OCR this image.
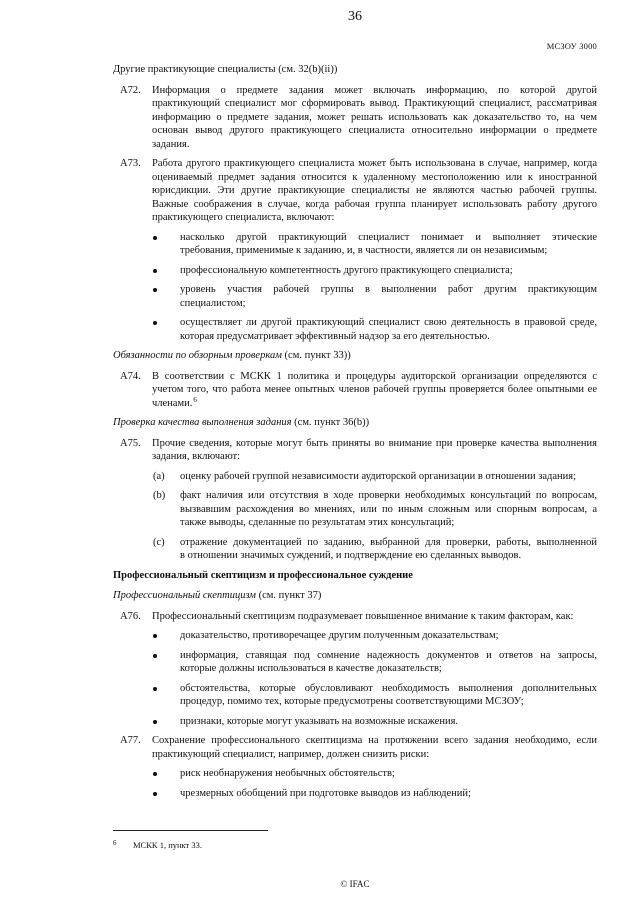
36
МСЗОУ 3000
Другие практикующие специалисты (см. 32(b)(ii))
A72. Информация о предмете задания может включать информацию, по которой другой
практикующий специалист мог сформировать вывод. Практикующий специалист, рассматривая
информацию о предмете задания, может решать использовать как доказательство то, на чем
основан вывод другого практикующего специалиста относительно информации о предмете
задания.
A73. Работа другого практикующего специалиста может быть использована в случае, например, когда
оцениваемый предмет задания относится к удаленному местоположению или к иностранной
юрисдикции. Эти другие практикующие специалисты не являются частью рабочей группы.
Важные соображения в случае, когда рабочая группа планирует использовать работу другого
практикующего специалиста, включают:
насколько другой практикующий специалист понимает и выполняет этические
требования, применимые к заданию, и, в частности, является ли он независимым;
профессиональную компетентность другого практикующего специалиста;
уровень участия рабочей группы в выполнении работ другим практикующим
специалистом;
осуществляет ли другой практикующий специалист свою деятельность в правовой среде,
которая предусматривает эффективный надзор за его деятельностью.
Обязанности по обзорным проверкам (см. пункт 33))
A74. В соответствии с МСКК 1 политика и процедуры аудиторской организации определяются с
учетом того, что работа менее опытных членов рабочей группы проверяется более опытными ее
членами.$^6$
Проверка качества выполнения задания (см. пункт 36(b))
A75. Прочие сведения, которые могут быть приняты во внимание при проверке качества выполнения
задания, включают:
(a) оценку рабочей группой независимости аудиторской организации в отношении задания;
(b) факт наличия или отсутствия в ходе проверки необходимых консультаций по вопросам,
вызвавшим расхождения во мнениях, или по иным сложным или спорным вопросам, а
также выводы, сделанные по результатам этих консультаций;
(c) отражение документацией по заданию, выбранной для проверки, работы, выполненной
в отношении значимых суждений, и подтверждение ею сделанных выводов.
Профессиональный скептицизм и профессиональное суждение
Профессиональный скептицизм (см. пункт 37)
A76. Профессиональный скептицизм подразумевает повышенное внимание к таким факторам, как:
доказательство, противоречащее другим полученным доказательствам;
информация, ставящая под сомнение надежность документов и ответов на запросы,
которые должны использоваться в качестве доказательств;
обстоятельства, которые обусловливают необходимость выполнения дополнительных
процедур, помимо тех, которые предусмотрены соответствующими МСЗОУ;
признаки, которые могут указывать на возможные искажения.
A77. Сохранение профессионального скептицизма на протяжении всего задания необходимо, если
практикующий специалист, например, должен снизить риски:
риск необнаружения необычных обстоятельств;
чрезмерных обобщений при подготовке выводов из наблюдений;
6 МСКК 1, пункт 33.
© IFAC
